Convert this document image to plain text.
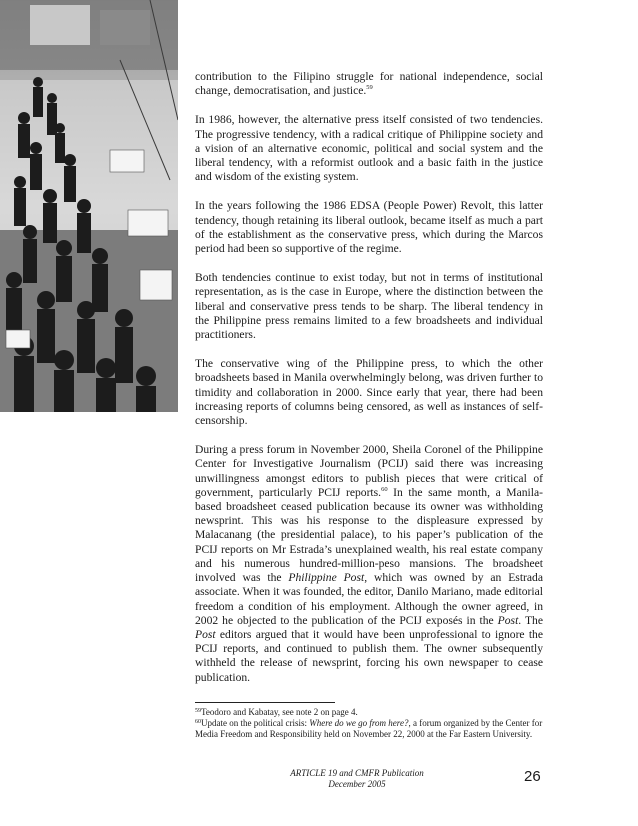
contribution to the Filipino struggle for national independence, social change, democratisation, and justice.$^{59}$

In 1986, however, the alternative press itself consisted of two tendencies. The progressive tendency, with a radical critique of Philippine society and a vision of an alternative economic, political and social system and the liberal tendency, with a reformist outlook and a basic faith in the justice and wisdom of the existing system.

In the years following the 1986 EDSA (People Power) Revolt, this latter tendency, though retaining its liberal outlook, became itself as much a part of the establishment as the conservative press, which during the Marcos period had been so supportive of the regime.

Both tendencies continue to exist today, but not in terms of institutional representation, as is the case in Europe, where the distinction between the liberal and conservative press tends to be sharp. The liberal tendency in the Philippine press remains limited to a few broadsheets and individual practitioners.

The conservative wing of the Philippine press, to which the other broadsheets based in Manila overwhelmingly belong, was driven further to timidity and collaboration in 2000. Since early that year, there had been increasing reports of columns being censored, as well as instances of self-censorship.

During a press forum in November 2000, Sheila Coronel of the Philippine Center for Investigative Journalism (PCIJ) said there was increasing unwillingness amongst editors to publish pieces that were critical of government, particularly PCIJ reports.$^{60}$ In the same month, a Manila-based broadsheet ceased publication because its owner was withholding newsprint. This was his response to the displeasure expressed by Malacanang (the presidential palace), to his paper’s publication of the PCIJ reports on Mr Estrada’s unexplained wealth, his real estate company and his numerous hundred-million-peso mansions. The broadsheet involved was the Philippine Post, which was owned by an Estrada associate. When it was founded, the editor, Danilo Mariano, made editorial freedom a condition of his employment. Although the owner agreed, in 2002 he objected to the publication of the PCIJ exposés in the Post. The Post editors argued that it would have been unprofessional to ignore the PCIJ reports, and continued to publish them. The owner subsequently withheld the release of newsprint, forcing his own newspaper to cease publication.

$^{59}$Teodoro and Kabatay, see note 2 on page 4.

$^{60}$Update on the political crisis: Where do we go from here?, a forum organized by the Center for Media Freedom and Responsibility held on November 22, 2000 at the Far Eastern University.

ARTICLE 19 and CMFR Publication
December 2005	26
